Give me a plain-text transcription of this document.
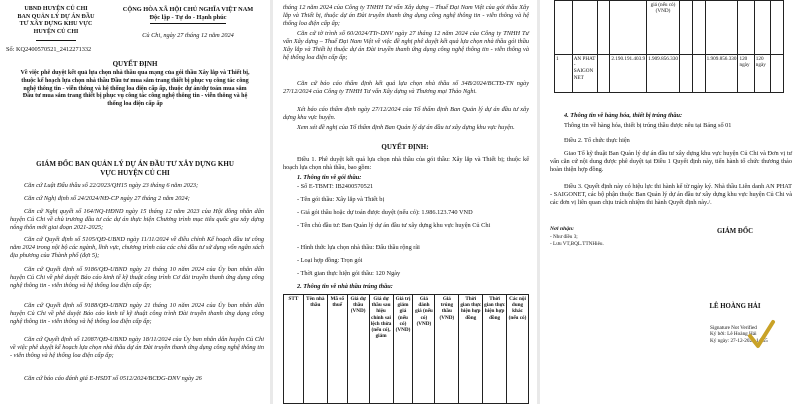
UBND HUYỆN CỦ CHI
BAN QUẢN LÝ DỰ ÁN ĐẦU
TƯ XÂY DỰNG KHU VỰC
HUYỆN CỦ CHI
CỘNG HÒA XÃ HỘI CHỦ NGHĨA VIỆT NAM
Độc lập - Tự do - Hạnh phúc
Củ Chi, ngày 27 tháng 12 năm 2024
Số: KQ2400570521_2412271332
QUYẾT ĐỊNH
Về việc phê duyệt kết quả lựa chọn nhà thầu qua mạng của gói thầu Xây lắp và Thiết bị, thuộc kế hoạch lựa chọn nhà thầu Đầu tư mua sắm trang thiết bị phục vụ công tác công nghệ thông tin - viễn thông và hệ thống loa điện cấp ấp, thuộc dự án/dự toán mua sắm Đầu tư mua sắm trang thiết bị phục vụ công tác công nghệ thông tin - viễn thông và hệ thống loa điện cấp ấp
GIÁM ĐỐC BAN QUẢN LÝ DỰ ÁN ĐẦU TƯ XÂY DỰNG KHU VỰC HUYỆN CỦ CHI
Căn cứ Luật Đấu thầu số 22/2023/QH15 ngày 23 tháng 6 năm 2023;
Căn cứ Nghị định số 24/2024/NĐ-CP ngày 27 tháng 2 năm 2024;
Căn cứ Nghị quyết số 164/NQ-HĐND ngày 15 tháng 12 năm 2023 của Hội đồng nhân dân huyện Củ Chi về chủ trương đầu tư các dự án thực hiện Chương trình mục tiêu quốc gia xây dựng nông thôn mới giai đoạn 2021-2025;
Căn cứ Quyết định số 5105/QĐ-UBND ngày 11/11/2024 về điều chỉnh Kế hoạch đầu tư công năm 2024 trong nội bộ các ngành, lĩnh vực, chương trình của các chủ đầu tư sử dụng vốn ngân sách địa phương của Thành phố (đợt 5);
Căn cứ Quyết định số 9186/QĐ-UBND ngày 21 tháng 10 năm 2024 của Ủy ban nhân dân huyện Củ Chi về phê duyệt Báo cáo kinh tế kỹ thuật công trình Cơ đài truyền thanh ứng dụng công nghệ thông tin - viễn thông và hệ thống loa điện cấp ấp;
Căn cứ Quyết định số 9188/QĐ-UBND ngày 21 tháng 10 năm 2024 của Ủy ban nhân dân huyện Củ Chi về phê duyệt Báo cáo kinh tế kỹ thuật công trình Đài truyền thanh ứng dụng công nghệ thông tin - viễn thông và hệ thống loa điện cấp ấp;
Căn cứ Quyết định số 12087/QĐ-UBND ngày 18/11/2024 của Ủy ban nhân dân huyện Củ Chi về việc phê duyệt kế hoạch lựa chọn nhà thầu dự án Đài truyền thanh ứng dụng công nghệ thông tin - viễn thông và hệ thống loa điện cấp ấp;
Căn cứ báo cáo đánh giá E-HSDT số 0512/2024/BCĐG-DNV ngày 26
tháng 12 năm 2024 của Công ty TNHH Tư vấn Xây dựng – Thuế Đại Nam Việt của gói thầu Xây lắp và Thiết bị, thuộc dự án Đài truyền thanh ứng dụng công nghệ thông tin - viễn thông và hệ thống loa điện cấp ấp;
Căn cứ tờ trình số 60/2024/TTr-DNV ngày 27 tháng 12 năm 2024 của Công ty TNHH Tư vấn Xây dựng – Thuế Đại Nam Việt về việc đề nghị phê duyệt kết quả lựa chọn nhà thầu gói thầu Xây lắp và Thiết bị thuộc dự án Đài truyền thanh ứng dụng công nghệ thông tin - viễn thông và hệ thống loa điện cấp ấp;
Căn cứ báo cáo thẩm định kết quả lựa chọn nhà thầu số 34B/2024/BCTĐ-TN ngày 27/12/2024 của Công ty TNHH Tư vấn Xây dựng và Thương mại Thảo Nghi.
Xét báo cáo thẩm định ngày 27/12/2024 của Tổ thẩm định Ban Quản lý dự án đầu tư xây dựng khu vực huyện.
Xem xét đề nghị của Tổ thẩm định Ban Quản lý dự án đầu tư xây dựng khu vực huyện.
QUYẾT ĐỊNH:
Điều 1. Phê duyệt kết quả lựa chọn nhà thầu của gói thầu: Xây lắp và Thiết bị; thuộc kế hoạch lựa chọn nhà thầu, bao gồm:
1. Thông tin về gói thầu:
- Số E-TBMT: IB2400570521
- Tên gói thầu: Xây lắp và Thiết bị
- Giá gói thầu hoặc dự toán được duyệt (nếu có): 1.986.123.740 VND
- Tên chủ đầu tư: Ban Quản lý dự án đầu tư xây dựng khu vực huyện Củ Chi
- Hình thức lựa chọn nhà thầu: Đấu thầu rộng rãi
- Loại hợp đồng: Trọn gói
- Thời gian thực hiện gói thầu: 120 Ngày
2. Thông tin về nhà thầu trúng thầu:
STT	Tên nhà thầu	Mã số thuế	Giá dự thầu (VND)	Giá dự thầu sau hiệu chỉnh sai lệch thừa (nếu có), giảm	Giá trị giảm giá (nếu có) (VND)	Giá đánh giá (nếu có) (VND)	Giá trúng thầu (VND)	Thời gian thực hiện hợp đồng	Thời gian thực hiện hợp đồng	Các nội dung khác (nếu có)
				giá (nếu có) (VND)						
1	AN PHAT - SAIGON NET		2.190.191.403.9	1.909.856.330			1.909.856.330	120 ngày	120 ngày	
4. Thông tin về hàng hóa, thiết bị trúng thầu:
Thông tin về hàng hóa, thiết bị trúng thầu được nêu tại Bảng số 01
Điều 2. Tổ chức thực hiện
Giao Tổ kỹ thuật Ban Quản lý dự án đầu tư xây dựng khu vực huyện Củ Chi và Đơn vị tư vấn căn cứ nội dung được phê duyệt tại Điều 1 Quyết định này, tiến hành tổ chức thương thảo hoàn thiện hợp đồng.
Điều 3. Quyết định này có hiệu lực thi hành kể từ ngày ký. Nhà thầu Liên danh AN PHAT - SAIGONET, các bộ phận thuộc Ban Quản lý dự án đầu tư xây dựng khu vực huyện Củ Chi và các đơn vị liên quan chịu trách nhiệm thi hành Quyết định này./.
Nơi nhận:
- Như điều 3;
- Lưu VT,BQL.TTNHiêu.
GIÁM ĐỐC
LÊ HOÀNG HẢI
Signature Not Verified
Ký bởi: Lê Hoàng Hải
Ký ngày: 27-12-2024 14:55
